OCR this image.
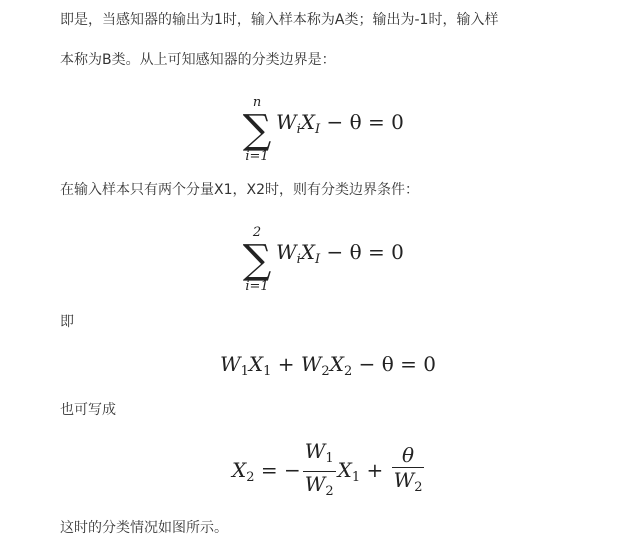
即是，当感知器的输出为1时，输入样本称为A类；输出为-1时，输入样

本称为B类。从上可知感知器的分类边界是：

n
∑
i=1
$W_iX_I - \theta = 0$

在输入样本只有两个分量X1，X2时，则有分类边界条件：

2
∑
i=1
$W_iX_I - \theta = 0$

即

$W_1X_1 + W_2X_2 - \theta = 0$

也可写成

$X_2$ = − $\frac{W_1}{W_2} X_1 + \frac{\theta}{W_2}$

这时的分类情况如图所示。
